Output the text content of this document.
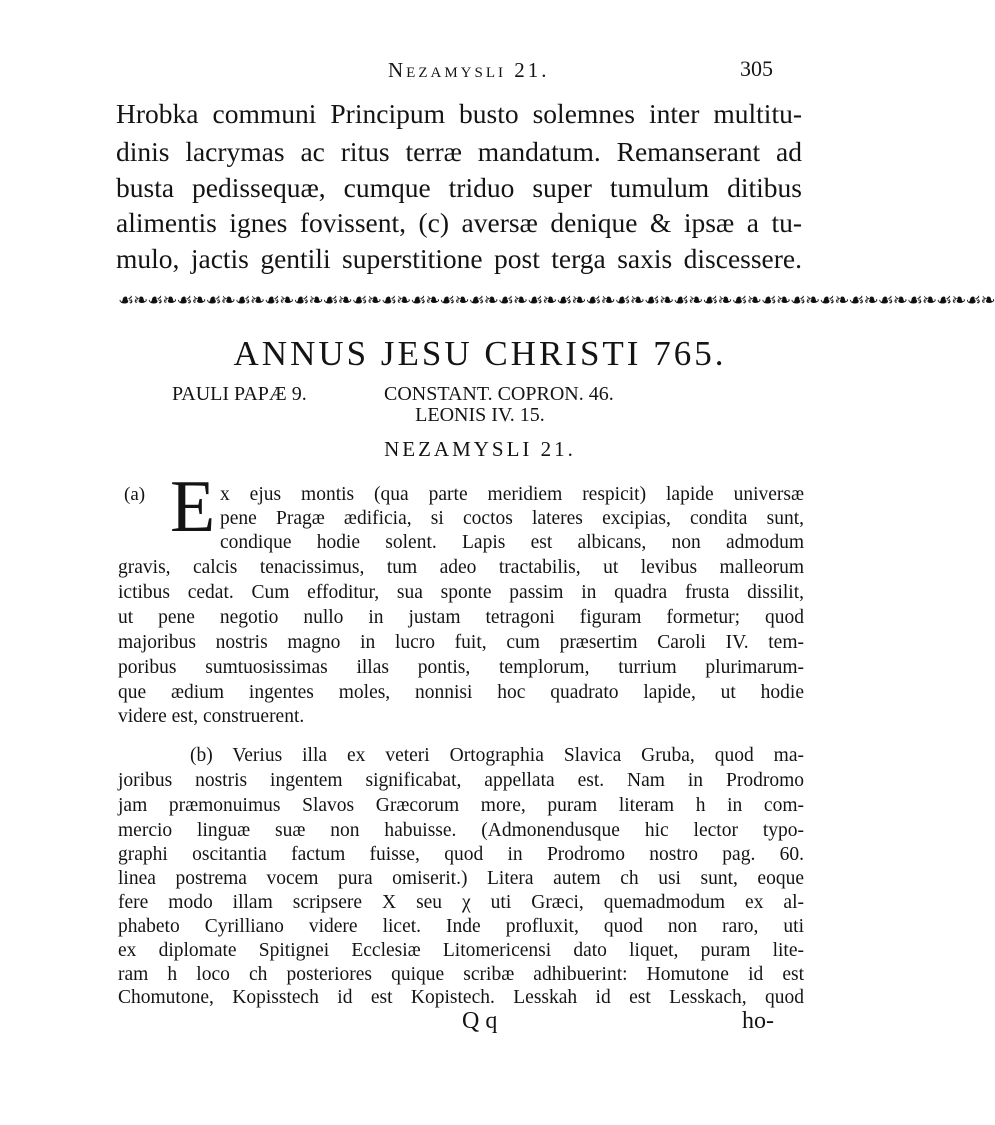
Nezamysli 21.	305
Hrobka communi Principum busto solemnes inter multitu-
dinis lacrymas ac ritus terræ mandatum. Remanserant ad
busta pedissequæ, cumque triduo super tumulum ditibus
alimentis ignes fovissent, (c) aversæ denique & ipsæ a tu-
mulo, jactis gentili superstitione post terga saxis discessere.
☙❧☙❧☙❧☙❧☙❧☙❧☙❧☙❧☙❧☙❧☙❧☙❧☙❧☙❧☙❧☙❧☙❧☙❧☙❧☙❧☙❧☙❧☙❧☙❧☙❧☙❧☙❧☙❧☙❧☙❧
ANNUS JESU CHRISTI 765.
PAULI PAPÆ 9.	CONSTANT. COPRON. 46.
LEONIS IV. 15.
NEZAMYSLI 21.
(a) E x ejus montis (qua parte meridiem respicit) lapide universæ
pene Pragæ ædificia, si coctos lateres excipias, condita sunt,
condique hodie solent. Lapis est albicans, non admodum
gravis, calcis tenacissimus, tum adeo tractabilis, ut levibus malleorum
ictibus cedat. Cum effoditur, sua sponte passim in quadra frusta dissilit,
ut pene negotio nullo in justam tetragoni figuram formetur; quod
majoribus nostris magno in lucro fuit, cum præsertim Caroli IV. tem-
poribus sumtuosissimas illas pontis, templorum, turrium plurimarum-
que ædium ingentes moles, nonnisi hoc quadrato lapide, ut hodie
videre est, construerent.
(b) Verius illa ex veteri Ortographia Slavica Gruba, quod ma-
joribus nostris ingentem significabat, appellata est. Nam in Prodromo
jam præmonuimus Slavos Græcorum more, puram literam h in com-
mercio linguæ suæ non habuisse. (Admonendusque hic lector typo-
graphi oscitantia factum fuisse, quod in Prodromo nostro pag. 60.
linea postrema vocem pura omiserit.) Litera autem ch usi sunt, eoque
fere modo illam scripsere X seu χ uti Græci, quemadmodum ex al-
phabeto Cyrilliano videre licet. Inde profluxit, quod non raro, uti
ex diplomate Spitignei Ecclesiæ Litomericensi dato liquet, puram lite-
ram h loco ch posteriores quique scribæ adhibuerint: Homutone id est
Chomutone, Kopisstech id est Kopistech. Lesskah id est Lesskach, quod
Q q	ho-
